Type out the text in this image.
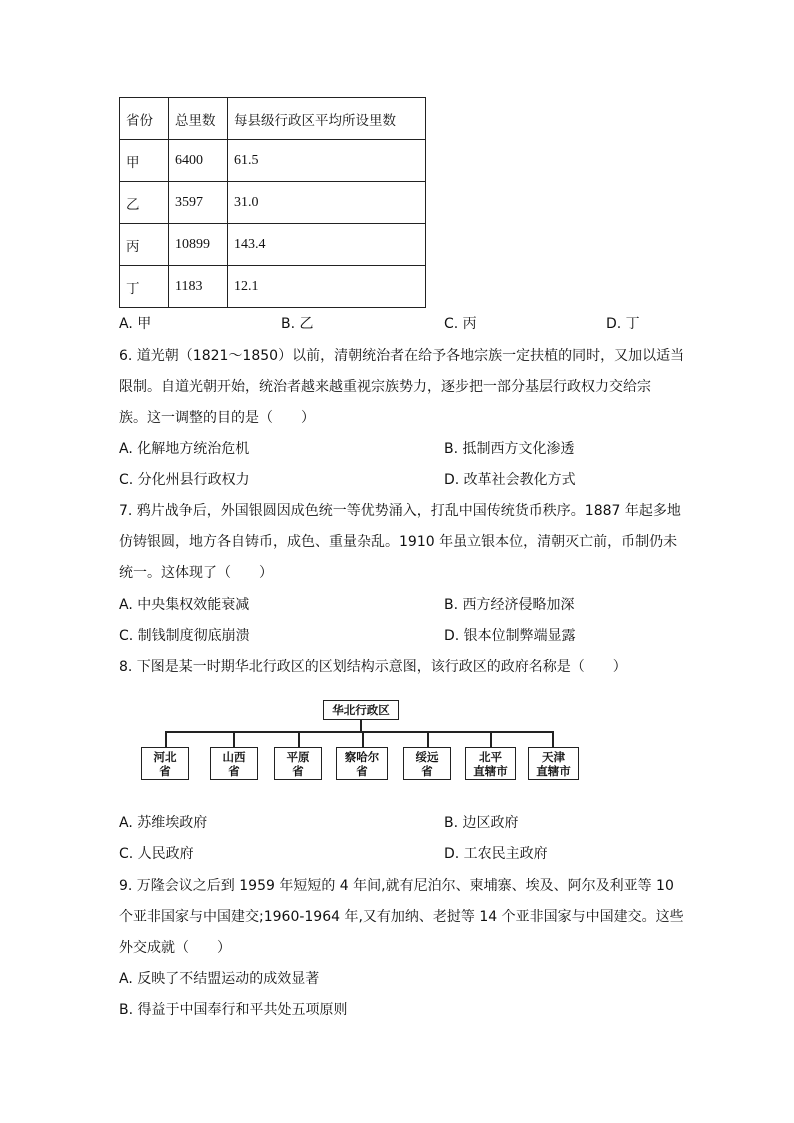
省份	总里数	每县级行政区平均所设里数
甲	6400	61.5
乙	3597	31.0
丙	10899	143.4
丁	1183	12.1
A. 甲	B. 乙	C. 丙	D. 丁
6. 道光朝（1821～1850）以前，清朝统治者在给予各地宗族一定扶植的同时，又加以适当
限制。自道光朝开始，统治者越来越重视宗族势力，逐步把一部分基层行政权力交给宗
族。这一调整的目的是（　　）
A. 化解地方统治危机	B. 抵制西方文化渗透
C. 分化州县行政权力	D. 改革社会教化方式
7. 鸦片战争后，外国银圆因成色统一等优势涌入，打乱中国传统货币秩序。1887 年起多地
仿铸银圆，地方各自铸币，成色、重量杂乱。1910 年虽立银本位，清朝灭亡前，币制仍未
统一。这体现了（　　）
A. 中央集权效能衰减	B. 西方经济侵略加深
C. 制钱制度彻底崩溃	D. 银本位制弊端显露
8. 下图是某一时期华北行政区的区划结构示意图，该行政区的政府名称是（　　）
华北行政区
河北
省
山西
省
平原
省
察哈尔
省
绥远
省
北平
直辖市
天津
直辖市
A. 苏维埃政府	B. 边区政府
C. 人民政府	D. 工农民主政府
9. 万隆会议之后到 1959 年短短的 4 年间,就有尼泊尔、柬埔寨、埃及、阿尔及利亚等 10
个亚非国家与中国建交;1960-1964 年,又有加纳、老挝等 14 个亚非国家与中国建交。这些
外交成就（　　）
A. 反映了不结盟运动的成效显著
B. 得益于中国奉行和平共处五项原则
